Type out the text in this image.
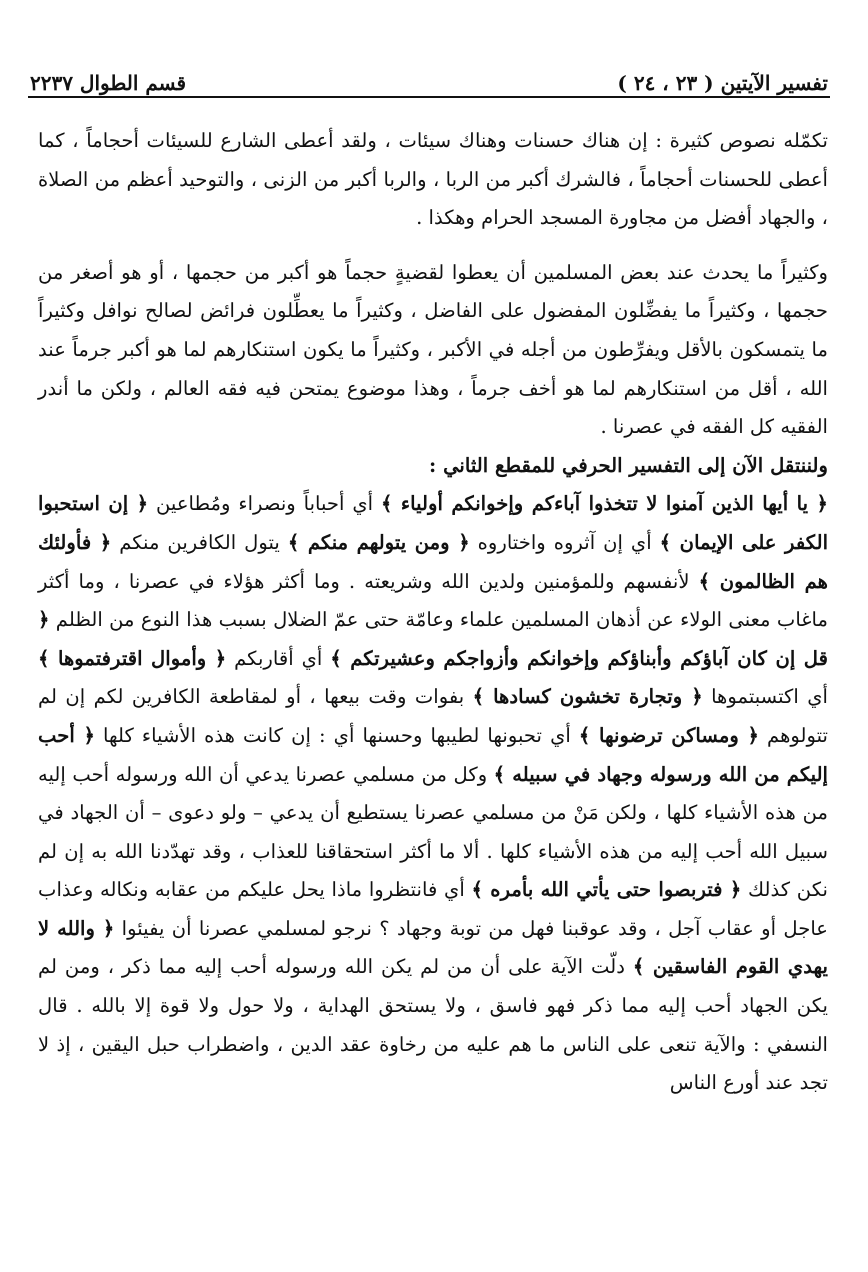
تفسير الآيتين ( ٢٣ ، ٢٤ )
قسم الطوال ٢٢٣٧

تكمّله نصوص كثيرة : إن هناك حسنات وهناك سيئات ، ولقد أعطى الشارع للسيئات أحجاماً ، كما أعطى للحسنات أحجاماً ، فالشرك أكبر من الربا ، والربا أكبر من الزنى ، والتوحيد أعظم من الصلاة ، والجهاد أفضل من مجاورة المسجد الحرام وهكذا .

وكثيراً ما يحدث عند بعض المسلمين أن يعطوا لقضيةٍ حجماً هو أكبر من حجمها ، أو هو أصغر من حجمها ، وكثيراً ما يفضِّلون المفضول على الفاضل ، وكثيراً ما يعطِّلون فرائض لصالح نوافل وكثيراً ما يتمسكون بالأقل ويفرِّطون من أجله في الأكبر ، وكثيراً ما يكون استنكارهم لما هو أكبر جرماً عند الله ، أقل من استنكارهم لما هو أخف جرماً ، وهذا موضوع يمتحن فيه فقه العالم ، ولكن ما أندر الفقيه كل الفقه في عصرنا .

ولننتقل الآن إلى التفسير الحرفي للمقطع الثاني :

﴿ يا أيها الذين آمنوا لا تتخذوا آباءكم وإخوانكم أولياء ﴾ أي أحباباً ونصراء ومُطاعين ﴿ إن استحبوا الكفر على الإيمان ﴾ أي إن آثروه واختاروه ﴿ ومن يتولهم منكم ﴾ يتول الكافرين منكم ﴿ فأولئك هم الظالمون ﴾ لأنفسهم وللمؤمنين ولدين الله وشريعته . وما أكثر هؤلاء في عصرنا ، وما أكثر ماغاب معنى الولاء عن أذهان المسلمين علماء وعامّة حتى عمّ الضلال بسبب هذا النوع من الظلم ﴿ قل إن كان آباؤكم وأبناؤكم وإخوانكم وأزواجكم وعشيرتكم ﴾ أي أقاربكم ﴿ وأموال اقترفتموها ﴾ أي اكتسبتموها ﴿ وتجارة تخشون كسادها ﴾ بفوات وقت بيعها ، أو لمقاطعة الكافرين لكم إن لم تتولوهم ﴿ ومساكن ترضونها ﴾ أي تحبونها لطيبها وحسنها أي : إن كانت هذه الأشياء كلها ﴿ أحب إليكم من الله ورسوله وجهاد في سبيله ﴾ وكل من مسلمي عصرنا يدعي أن الله ورسوله أحب إليه من هذه الأشياء كلها ، ولكن مَنْ من مسلمي عصرنا يستطيع أن يدعي – ولو دعوى – أن الجهاد في سبيل الله أحب إليه من هذه الأشياء كلها . ألا ما أكثر استحقاقنا للعذاب ، وقد تهدّدنا الله به إن لم نكن كذلك ﴿ فتربصوا حتى يأتي الله بأمره ﴾ أي فانتظروا ماذا يحل عليكم من عقابه ونكاله وعذاب عاجل أو عقاب آجل ، وقد عوقبنا فهل من توبة وجهاد ؟ نرجو لمسلمي عصرنا أن يفيئوا ﴿ والله لا يهدي القوم الفاسقين ﴾ دلّت الآية على أن من لم يكن الله ورسوله أحب إليه مما ذكر ، ومن لم يكن الجهاد أحب إليه مما ذكر فهو فاسق ، ولا يستحق الهداية ، ولا حول ولا قوة إلا بالله . قال النسفي : والآية تنعى على الناس ما هم عليه من رخاوة عقد الدين ، واضطراب حبل اليقين ، إذ لا تجد عند أورع الناس
